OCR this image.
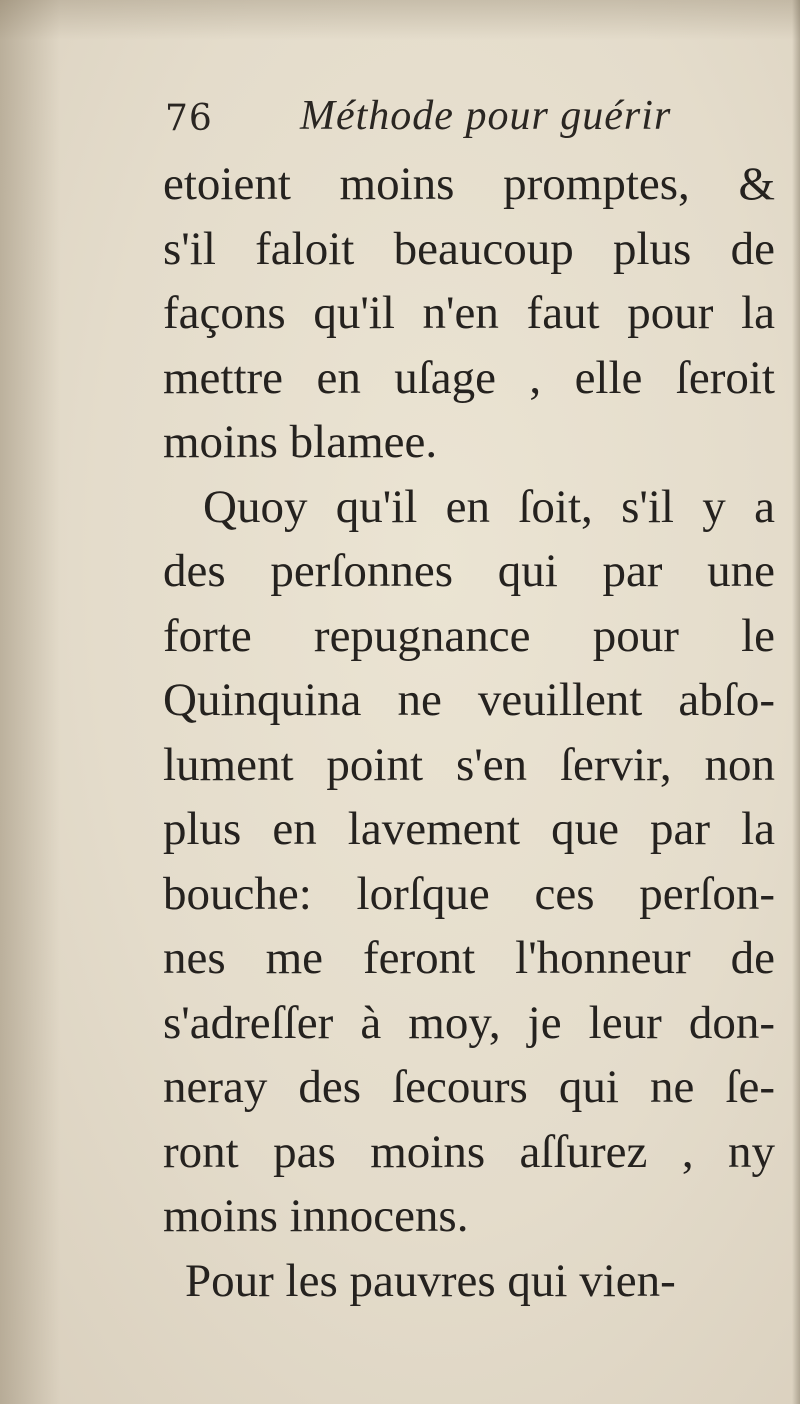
76 Méthode pour guérir
etoient moins promptes, &
s'il faloit beaucoup plus de
façons qu'il n'en faut pour la
mettre en uſage , elle ſeroit
moins blamee.
Quoy qu'il en ſoit, s'il y a
des perſonnes qui par une
forte repugnance pour le
Quinquina ne veuillent abſo-
lument point s'en ſervir, non
plus en lavement que par la
bouche: lorſque ces perſon-
nes me feront l'honneur de
s'adreſſer à moy, je leur don-
neray des ſecours qui ne ſe-
ront pas moins aſſurez , ny
moins innocens.
Pour les pauvres qui vien-
